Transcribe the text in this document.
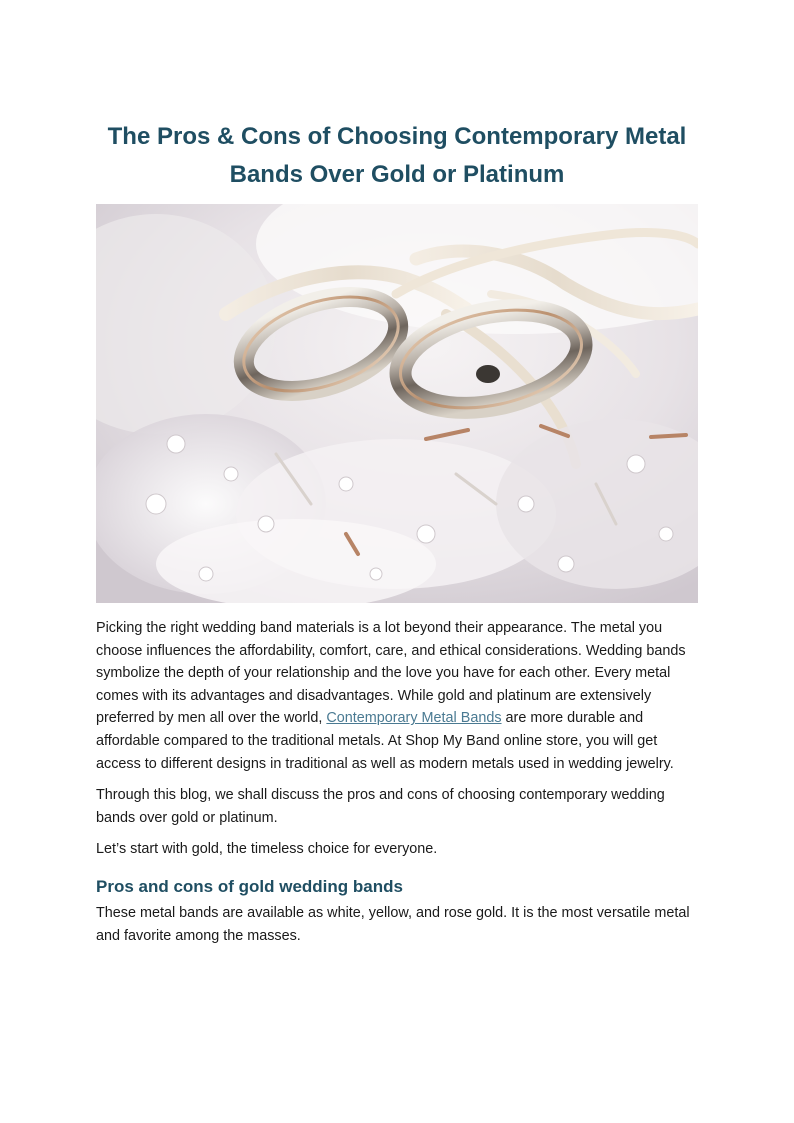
The Pros & Cons of Choosing Contemporary Metal Bands Over Gold or Platinum

Picking the right wedding band materials is a lot beyond their appearance. The metal you choose influences the affordability, comfort, care, and ethical considerations. Wedding bands symbolize the depth of your relationship and the love you have for each other. Every metal comes with its advantages and disadvantages. While gold and platinum are extensively preferred by men all over the world, Contemporary Metal Bands are more durable and affordable compared to the traditional metals. At Shop My Band online store, you will get access to different designs in traditional as well as modern metals used in wedding jewelry.

Through this blog, we shall discuss the pros and cons of choosing contemporary wedding bands over gold or platinum.

Let’s start with gold, the timeless choice for everyone.

Pros and cons of gold wedding bands

These metal bands are available as white, yellow, and rose gold. It is the most versatile metal and favorite among the masses.
